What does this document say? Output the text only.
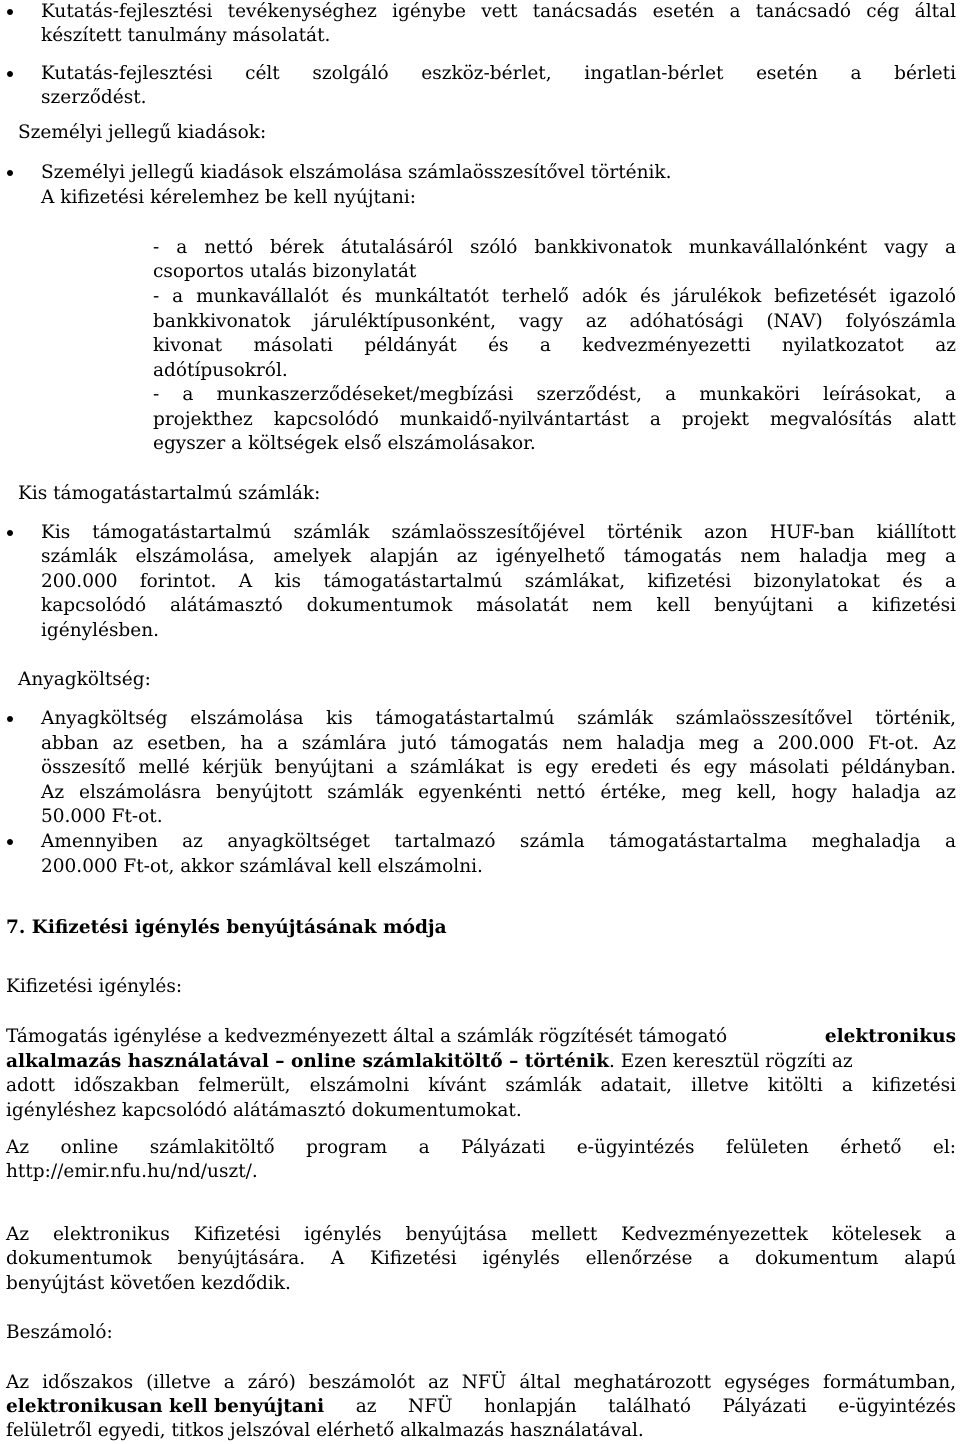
Kutatás-fejlesztési tevékenységhez igénybe vett tanácsadás esetén a tanácsadó cég által
készített tanulmány másolatát.
Kutatás-fejlesztési célt szolgáló eszköz-bérlet, ingatlan-bérlet esetén a bérleti
szerződést.
Személyi jellegű kiadások:
Személyi jellegű kiadások elszámolása számlaösszesítővel történik.
A kifizetési kérelemhez be kell nyújtani:
- a nettó bérek átutalásáról szóló bankkivonatok munkavállalónként vagy a
csoportos utalás bizonylatát
- a munkavállalót és munkáltatót terhelő adók és járulékok befizetését igazoló
bankkivonatok járuléktípusonként, vagy az adóhatósági (NAV) folyószámla
kivonat másolati példányát és a kedvezményezetti nyilatkozatot az
adótípusokról.
- a munkaszerződéseket/megbízási szerződést, a munkaköri leírásokat, a
projekthez kapcsolódó munkaidő-nyilvántartást a projekt megvalósítás alatt
egyszer a költségek első elszámolásakor.
Kis támogatástartalmú számlák:
Kis támogatástartalmú számlák számlaösszesítőjével történik azon HUF-ban kiállított
számlák elszámolása, amelyek alapján az igényelhető támogatás nem haladja meg a
200.000 forintot. A kis támogatástartalmú számlákat, kifizetési bizonylatokat és a
kapcsolódó alátámasztó dokumentumok másolatát nem kell benyújtani a kifizetési
igénylésben.
Anyagköltség:
Anyagköltség elszámolása kis támogatástartalmú számlák számlaösszesítővel történik,
abban az esetben, ha a számlára jutó támogatás nem haladja meg a 200.000 Ft-ot. Az
összesítő mellé kérjük benyújtani a számlákat is egy eredeti és egy másolati példányban.
Az elszámolásra benyújtott számlák egyenkénti nettó értéke, meg kell, hogy haladja az
50.000 Ft-ot.
Amennyiben az anyagköltséget tartalmazó számla támogatástartalma meghaladja a
200.000 Ft-ot, akkor számlával kell elszámolni.
7. Kifizetési igénylés benyújtásának módja
Kifizetési igénylés:
Támogatás igénylése a kedvezményezett által a számlák rögzítését támogató	elektronikus
alkalmazás használatával – online számlakitöltő – történik. Ezen keresztül rögzíti az
adott időszakban felmerült, elszámolni kívánt számlák adatait, illetve kitölti a kifizetési
igényléshez kapcsolódó alátámasztó dokumentumokat.
Az online számlakitöltő program a Pályázati e-ügyintézés felületen érhető el:
http://emir.nfu.hu/nd/uszt/.
Az elektronikus Kifizetési igénylés benyújtása mellett Kedvezményezettek kötelesek a
dokumentumok benyújtására. A Kifizetési igénylés ellenőrzése a dokumentum alapú
benyújtást követően kezdődik.
Beszámoló:
Az időszakos (illetve a záró) beszámolót az NFÜ által meghatározott egységes formátumban,
elektronikusan kell benyújtani az NFÜ honlapján található Pályázati e-ügyintézés
felületről egyedi, titkos jelszóval elérhető alkalmazás használatával.
